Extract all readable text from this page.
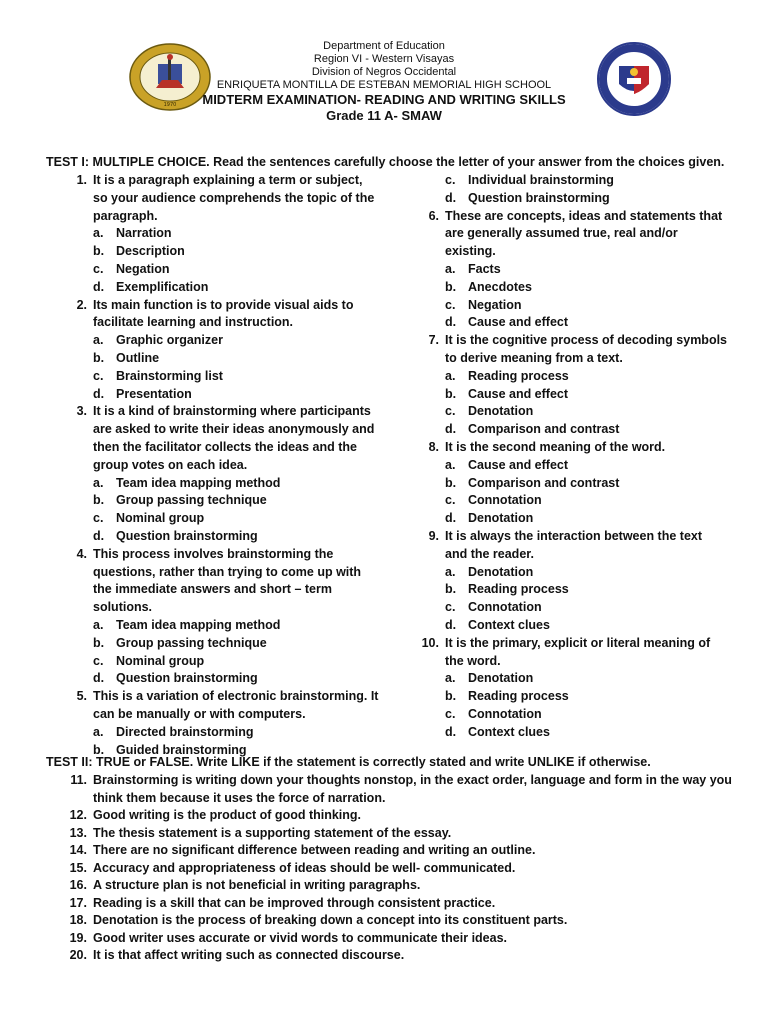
1970
Department of Education
Region VI - Western Visayas
Division of Negros Occidental
ENRIQUETA MONTILLA DE ESTEBAN MEMORIAL HIGH SCHOOL
MIDTERM EXAMINATION- READING AND WRITING SKILLS
Grade 11 A- SMAW
TEST I: MULTIPLE CHOICE. Read the sentences carefully choose the letter of your answer from the choices given.
1. It is a paragraph explaining a term or subject,
so your audience comprehends the topic of the
paragraph.
a.	Narration
b. Description
c.	Negation
d. Exemplification
2. Its main function is to provide visual aids to
facilitate learning and instruction.
a.	Graphic organizer
b. Outline
c.	Brainstorming list
d. Presentation
3. It is a kind of brainstorming where participants
are asked to write their ideas anonymously and
then the facilitator collects the ideas and the
group votes on each idea.
a.	Team idea mapping method
b. Group passing technique
c.	Nominal group
d. Question brainstorming
4. This process involves brainstorming the
questions, rather than trying to come up with
the immediate answers and short – term
solutions.
a.	Team idea mapping method
b. Group passing technique
c.	Nominal group
d. Question brainstorming
5. This is a variation of electronic brainstorming. It
can be manually or with computers.
a.	Directed brainstorming
b. Guided brainstorming
c.	Individual brainstorming
d. Question brainstorming
6. These are concepts, ideas and statements that
are generally assumed true, real and/or
existing.
a.	Facts
b. Anecdotes
c.	Negation
d. Cause and effect
7. It is the cognitive process of decoding symbols
to derive meaning from a text.
a.	Reading process
b. Cause and effect
c.	Denotation
d. Comparison and contrast
8. It is the second meaning of the word.
a.	Cause and effect
b. Comparison and contrast
c.	Connotation
d. Denotation
9. It is always the interaction between the text
and the reader.
a.	Denotation
b. Reading process
c.	Connotation
d. Context clues
10. It is the primary, explicit or literal meaning of
the word.
a.	Denotation
b. Reading process
c.	Connotation
d. Context clues
TEST II: TRUE or FALSE. Write LIKE if the statement is correctly stated and write UNLIKE if otherwise.
11. Brainstorming is writing down your thoughts nonstop, in the exact order, language and form in the way you
think them because it uses the force of narration.
12. Good writing is the product of good thinking.
13. The thesis statement is a supporting statement of the essay.
14. There are no significant difference between reading and writing an outline.
15. Accuracy and appropriateness of ideas should be well- communicated.
16. A structure plan is not beneficial in writing paragraphs.
17. Reading is a skill that can be improved through consistent practice.
18. Denotation is the process of breaking down a concept into its constituent parts.
19. Good writer uses accurate or vivid words to communicate their ideas.
20. It is that affect writing such as connected discourse.
